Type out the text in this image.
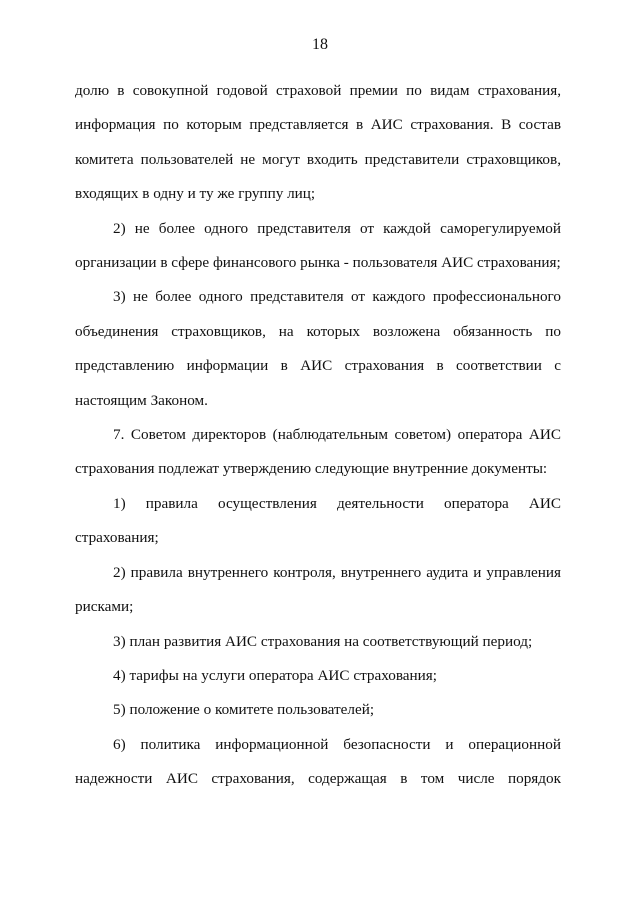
18

долю в совокупной годовой страховой премии по видам страхования, информация по которым представляется в АИС страхования. В состав комитета пользователей не могут входить представители страховщиков, входящих в одну и ту же группу лиц;

2) не более одного представителя от каждой саморегулируемой организации в сфере финансового рынка - пользователя АИС страхования;

3) не более одного представителя от каждого профессионального объединения страховщиков, на которых возложена обязанность по представлению информации в АИС страхования в соответствии с настоящим Законом.

7. Советом директоров (наблюдательным советом) оператора АИС страхования подлежат утверждению следующие внутренние документы:

1) правила осуществления деятельности оператора АИС страхования;

2) правила внутреннего контроля, внутреннего аудита и управления рисками;

3) план развития АИС страхования на соответствующий период;

4) тарифы на услуги оператора АИС страхования;

5) положение о комитете пользователей;

6) политика информационной безопасности и операционной надежности АИС страхования, содержащая в том числе порядок
